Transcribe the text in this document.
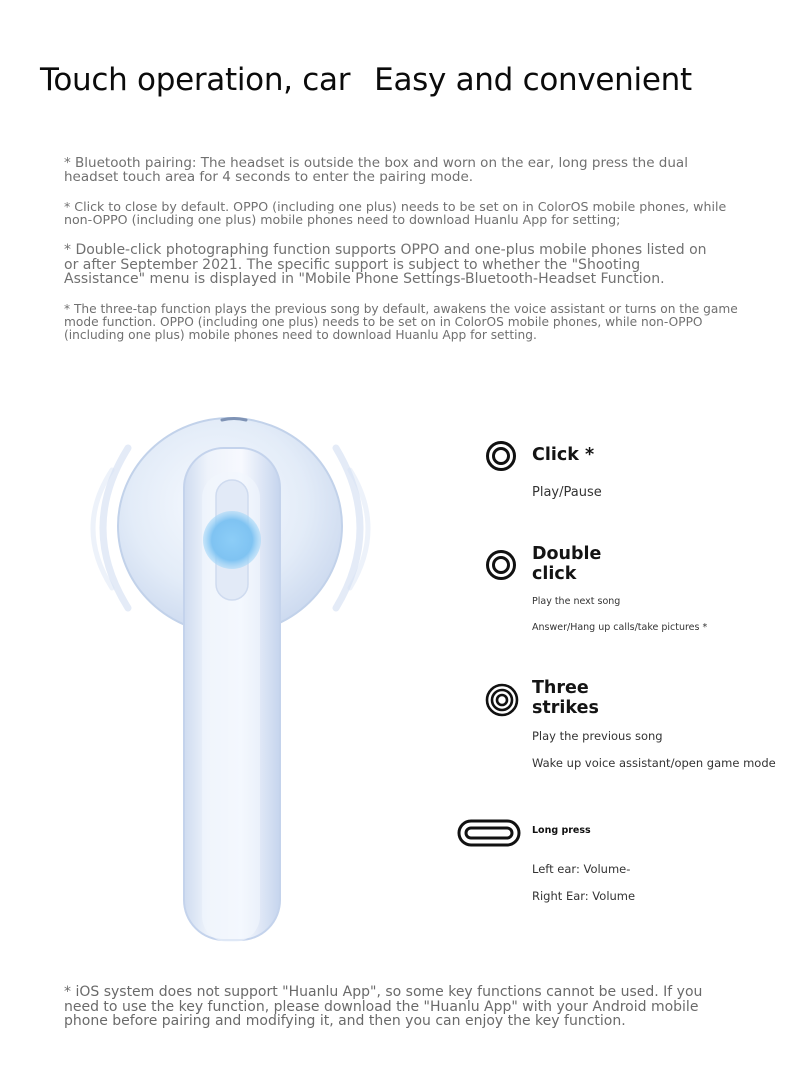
Touch operation, car Easy and convenient
* Bluetooth pairing: The headset is outside the box and worn on the ear, long press the dual headset touch area for 4 seconds to enter the pairing mode.
* Click to close by default. OPPO (including one plus) needs to be set on in ColorOS mobile phones, while non-OPPO (including one plus) mobile phones need to download Huanlu App for setting;
* Double-click photographing function supports OPPO and one-plus mobile phones listed on or after September 2021. The specific support is subject to whether the "Shooting Assistance" menu is displayed in "Mobile Phone Settings-Bluetooth-Headset Function.
* The three-tap function plays the previous song by default, awakens the voice assistant or turns on the game mode function. OPPO (including one plus) needs to be set on in ColorOS mobile phones, while non-OPPO (including one plus) mobile phones need to download Huanlu App for setting.
Click *
Play/Pause
Double
click
Play the next song
Answer/Hang up calls/take pictures *
Three
strikes
Play the previous song
Wake up voice assistant/open game mode
Long press
Left ear: Volume-
Right Ear: Volume
* iOS system does not support "Huanlu App", so some key functions cannot be used. If you need to use the key function, please download the "Huanlu App" with your Android mobile phone before pairing and modifying it, and then you can enjoy the key function.
